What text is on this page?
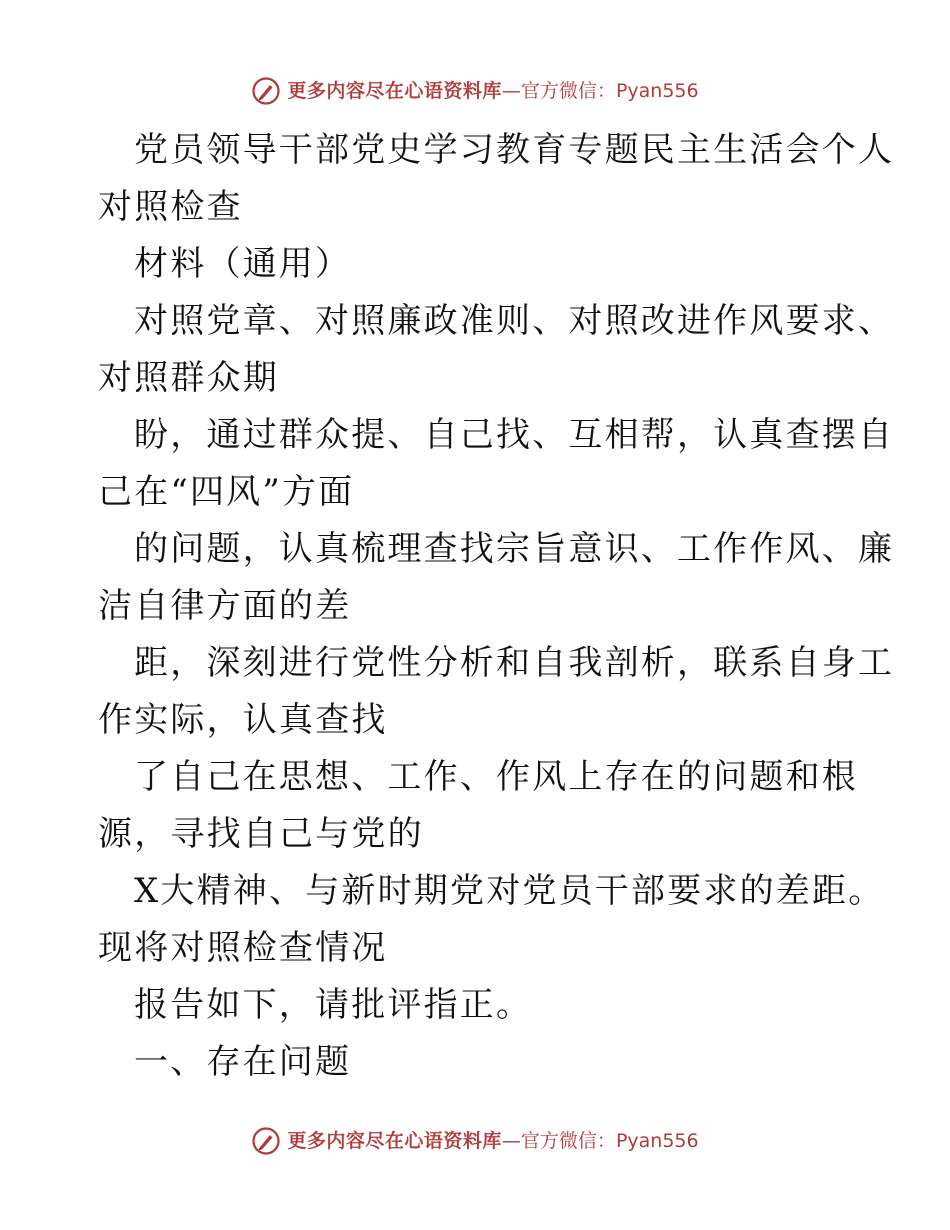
更多内容尽在心语资料库 — 官方微信： Pyan556

党员领导干部党史学习教育专题民主生活会个人

对照检查

材料（通用）

对照党章、对照廉政准则、对照改进作风要求、

对照群众期

盼，通过群众提、自己找、互相帮，认真查摆自

己在“四风”方面

的问题，认真梳理查找宗旨意识、工作作风、廉

洁自律方面的差

距，深刻进行党性分析和自我剖析，联系自身工

作实际，认真查找

了自己在思想、工作、作风上存在的问题和根

源，寻找自己与党的

X大精神、与新时期党对党员干部要求的差距。

现将对照检查情况

报告如下，请批评指正。

一、存在问题

更多内容尽在心语资料库 — 官方微信： Pyan556
